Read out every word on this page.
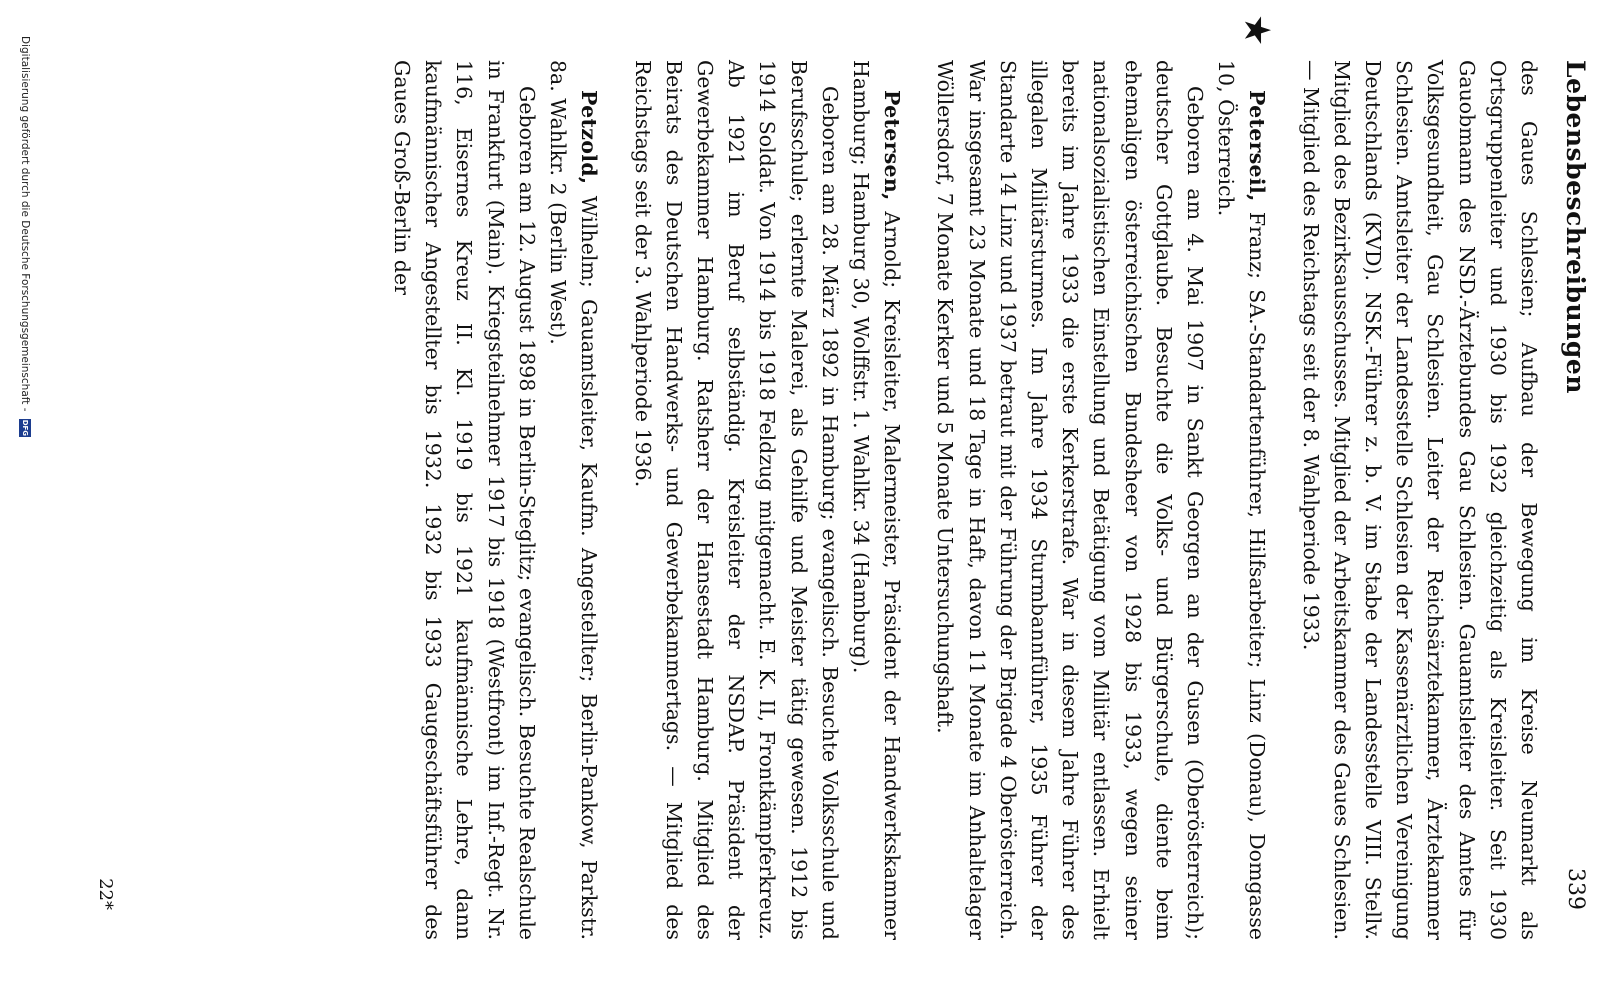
Lebensbeschreibungen
339

des Gaues Schlesien; Aufbau der Bewegung im Kreise Neumarkt als Ortsgruppenleiter und 1930 bis 1932 gleichzeitig als Kreisleiter. Seit 1930 Gauobmann des NSD.-Ärztebundes Gau Schlesien. Gauamtsleiter des Amtes für Volksgesundheit, Gau Schlesien. Leiter der Reichsärztekammer, Ärztekammer Schlesien. Amtsleiter der Landesstelle Schlesien der Kassenärztlichen Vereinigung Deutschlands (KVD). NSK.-Führer z. b. V. im Stabe der Landesstelle VIII. Stellv. Mitglied des Bezirksausschusses. Mitglied der Arbeitskammer des Gaues Schlesien. — Mitglied des Reichstags seit der 8. Wahlperiode 1933.

★

Peterseil, Franz; SA.-Standartenführer, Hilfsarbeiter; Linz (Donau), Domgasse 10, Österreich.

Geboren am 4. Mai 1907 in Sankt Georgen an der Gusen (Oberösterreich); deutscher Gottglaube. Besuchte die Volks- und Bürgerschule, diente beim ehemaligen österreichischen Bundesheer von 1928 bis 1933, wegen seiner nationalsozialistischen Einstellung und Betätigung vom Militär entlassen. Erhielt bereits im Jahre 1933 die erste Kerkerstrafe. War in diesem Jahre Führer des illegalen Militärsturmes. Im Jahre 1934 Sturmbannführer, 1935 Führer der Standarte 14 Linz und 1937 betraut mit der Führung der Brigade 4 Oberösterreich. War insgesamt 23 Monate und 18 Tage in Haft, davon 11 Monate im Anhaltelager Wöllersdorf, 7 Monate Kerker und 5 Monate Untersuchungshaft.

Petersen, Arnold; Kreisleiter, Malermeister, Präsident der Handwerkskammer Hamburg; Hamburg 30, Wolffstr. 1. Wahlkr. 34 (Hamburg).

Geboren am 28. März 1892 in Hamburg; evangelisch. Besuchte Volksschule und Berufsschule; erlernte Malerei, als Gehilfe und Meister tätig gewesen. 1912 bis 1914 Soldat. Von 1914 bis 1918 Feldzug mitgemacht. E. K. II, Frontkämpferkreuz. Ab 1921 im Beruf selbständig. Kreisleiter der NSDAP. Präsident der Gewerbekammer Hamburg. Ratsherr der Hansestadt Hamburg. Mitglied des Beirats des Deutschen Handwerks- und Gewerbekammertags. — Mitglied des Reichstags seit der 3. Wahlperiode 1936.

Petzold, Wilhelm; Gauamtsleiter, Kaufm. Angestellter; Berlin-Pankow, Parkstr. 8a. Wahlkr. 2 (Berlin West).

Geboren am 12. August 1898 in Berlin-Steglitz; evangelisch. Besuchte Realschule in Frankfurt (Main). Kriegsteilnehmer 1917 bis 1918 (Westfront) im Inf.-Regt. Nr. 116, Eisernes Kreuz II. Kl. 1919 bis 1921 kaufmännische Lehre, dann kaufmännischer Angestellter bis 1932. 1932 bis 1933 Gaugeschäftsführer des Gaues Groß-Berlin der

22*
Digitalisierung gefördert durch die Deutsche Forschungsgemeinschaft - DFG
